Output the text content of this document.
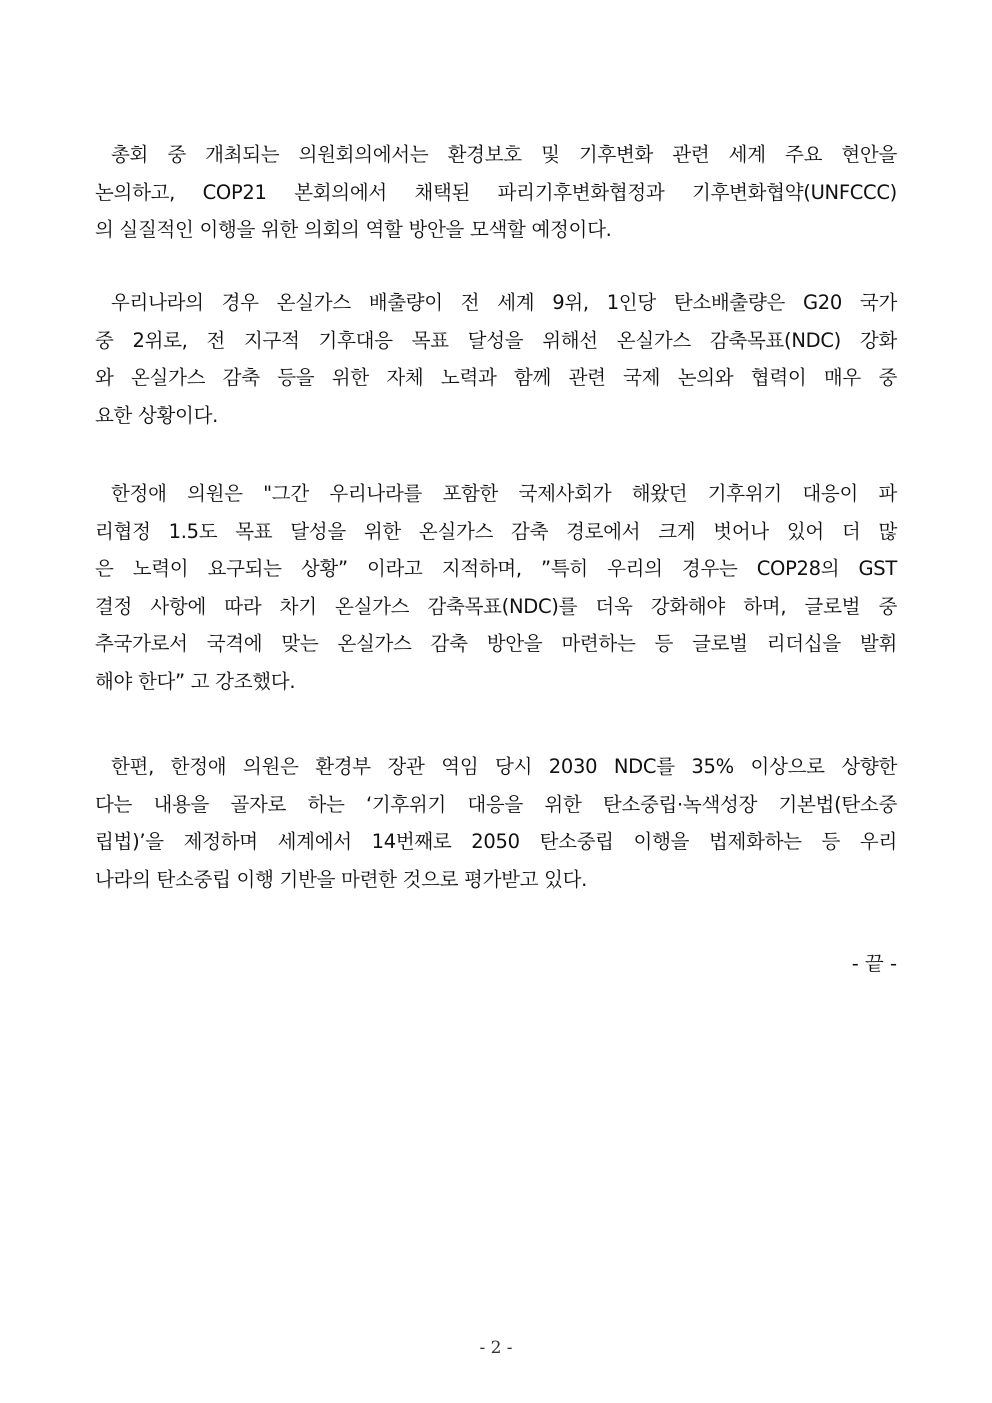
총회 중 개최되는 의원회의에서는 환경보호 및 기후변화 관련 세계 주요 현안을
논의하고, COP21 본회의에서 채택된 파리기후변화협정과 기후변화협약(UNFCCC)
의 실질적인 이행을 위한 의회의 역할 방안을 모색할 예정이다.
우리나라의 경우 온실가스 배출량이 전 세계 9위, 1인당 탄소배출량은 G20 국가
중 2위로, 전 지구적 기후대응 목표 달성을 위해선 온실가스 감축목표(NDC) 강화
와 온실가스 감축 등을 위한 자체 노력과 함께 관련 국제 논의와 협력이 매우 중
요한 상황이다.
한정애 의원은 "그간 우리나라를 포함한 국제사회가 해왔던 기후위기 대응이 파
리협정 1.5도 목표 달성을 위한 온실가스 감축 경로에서 크게 벗어나 있어 더 많
은 노력이 요구되는 상황” 이라고 지적하며, ”특히 우리의 경우는 COP28의 GST
결정 사항에 따라 차기 온실가스 감축목표(NDC)를 더욱 강화해야 하며, 글로벌 중
추국가로서 국격에 맞는 온실가스 감축 방안을 마련하는 등 글로벌 리더십을 발휘
해야 한다” 고 강조했다.
한편, 한정애 의원은 환경부 장관 역임 당시 2030 NDC를 35% 이상으로 상향한
다는 내용을 골자로 하는 ‘기후위기 대응을 위한 탄소중립·녹색성장 기본법(탄소중
립법)’을 제정하며 세계에서 14번째로 2050 탄소중립 이행을 법제화하는 등 우리
나라의 탄소중립 이행 기반을 마련한 것으로 평가받고 있다.
- 끝 -
- 2 -
